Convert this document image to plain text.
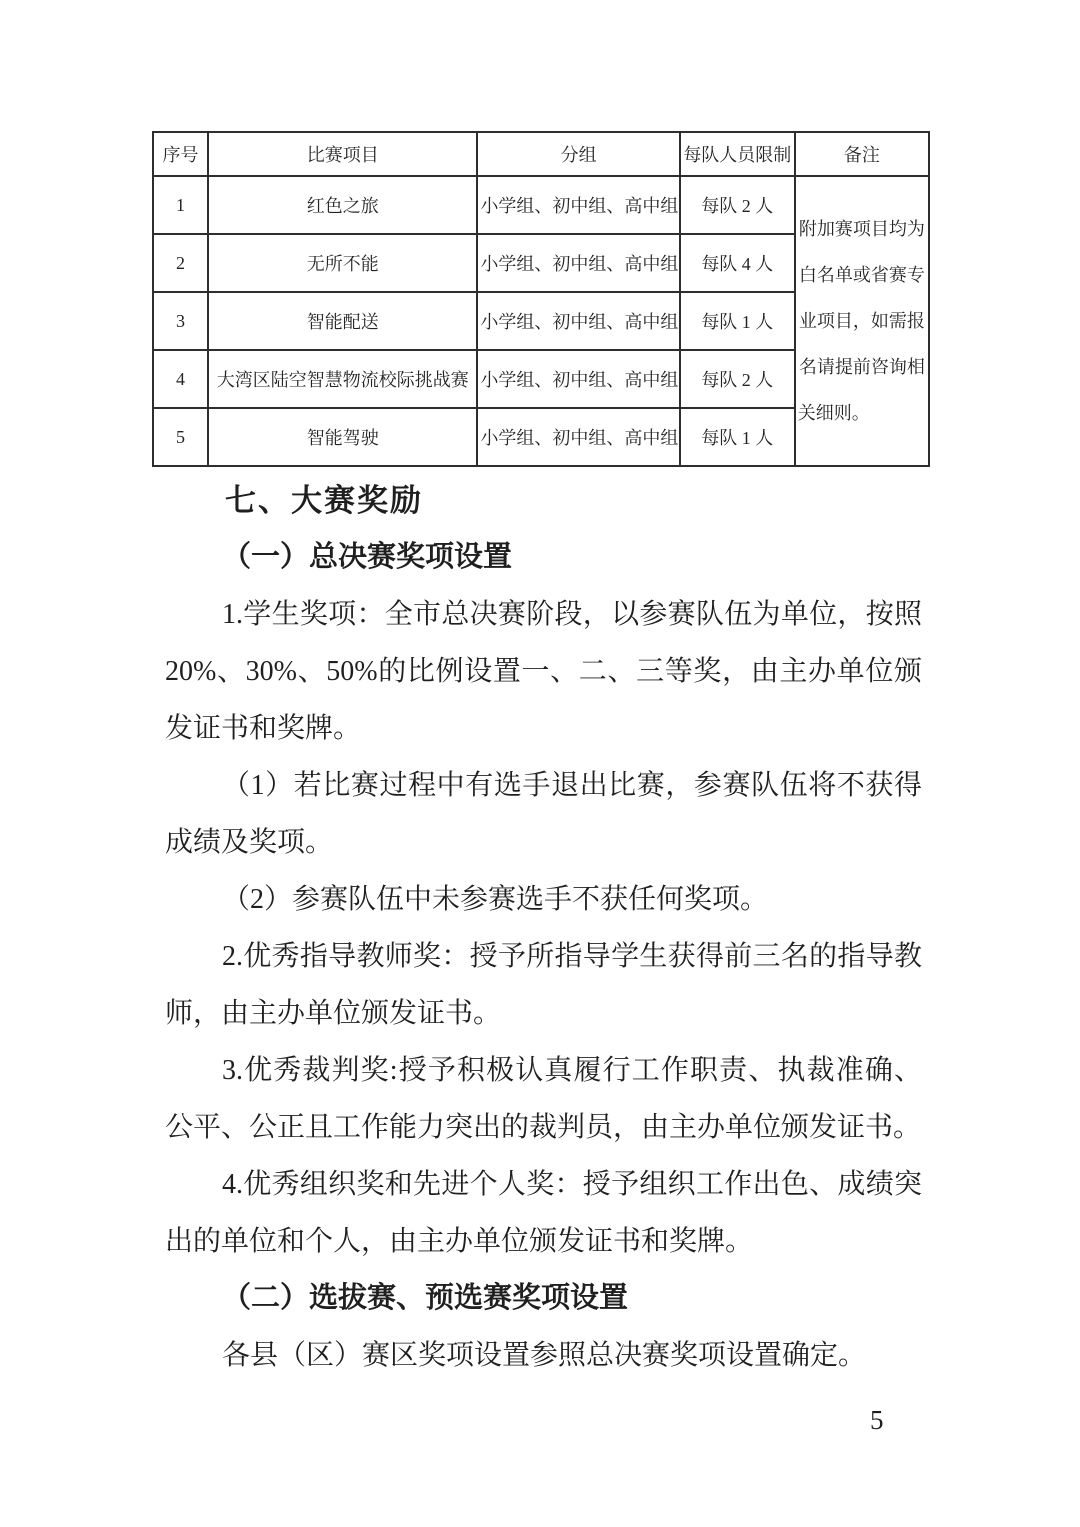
序号	比赛项目	分组	每队人员限制	备注
1	红色之旅	小学组、初中组、高中组	每队 2 人	附加赛项目均为白名单或省赛专业项目，如需报名请提前咨询相关细则。
2	无所不能	小学组、初中组、高中组	每队 4 人	
3	智能配送	小学组、初中组、高中组	每队 1 人	
4	大湾区陆空智慧物流校际挑战赛	小学组、初中组、高中组	每队 2 人	
5	智能驾驶	小学组、初中组、高中组	每队 1 人	

七、大赛奖励

（一）总决赛奖项设置

1.学生奖项：全市总决赛阶段，以参赛队伍为单位，按照 20%、30%、50%的比例设置一、二、三等奖，由主办单位颁发证书和奖牌。

（1）若比赛过程中有选手退出比赛，参赛队伍将不获得成绩及奖项。

（2）参赛队伍中未参赛选手不获任何奖项。

2.优秀指导教师奖：授予所指导学生获得前三名的指导教师，由主办单位颁发证书。

3.优秀裁判奖:授予积极认真履行工作职责、执裁准确、公平、公正且工作能力突出的裁判员，由主办单位颁发证书。

4.优秀组织奖和先进个人奖：授予组织工作出色、成绩突出的单位和个人，由主办单位颁发证书和奖牌。

（二）选拔赛、预选赛奖项设置

各县（区）赛区奖项设置参照总决赛奖项设置确定。

5
